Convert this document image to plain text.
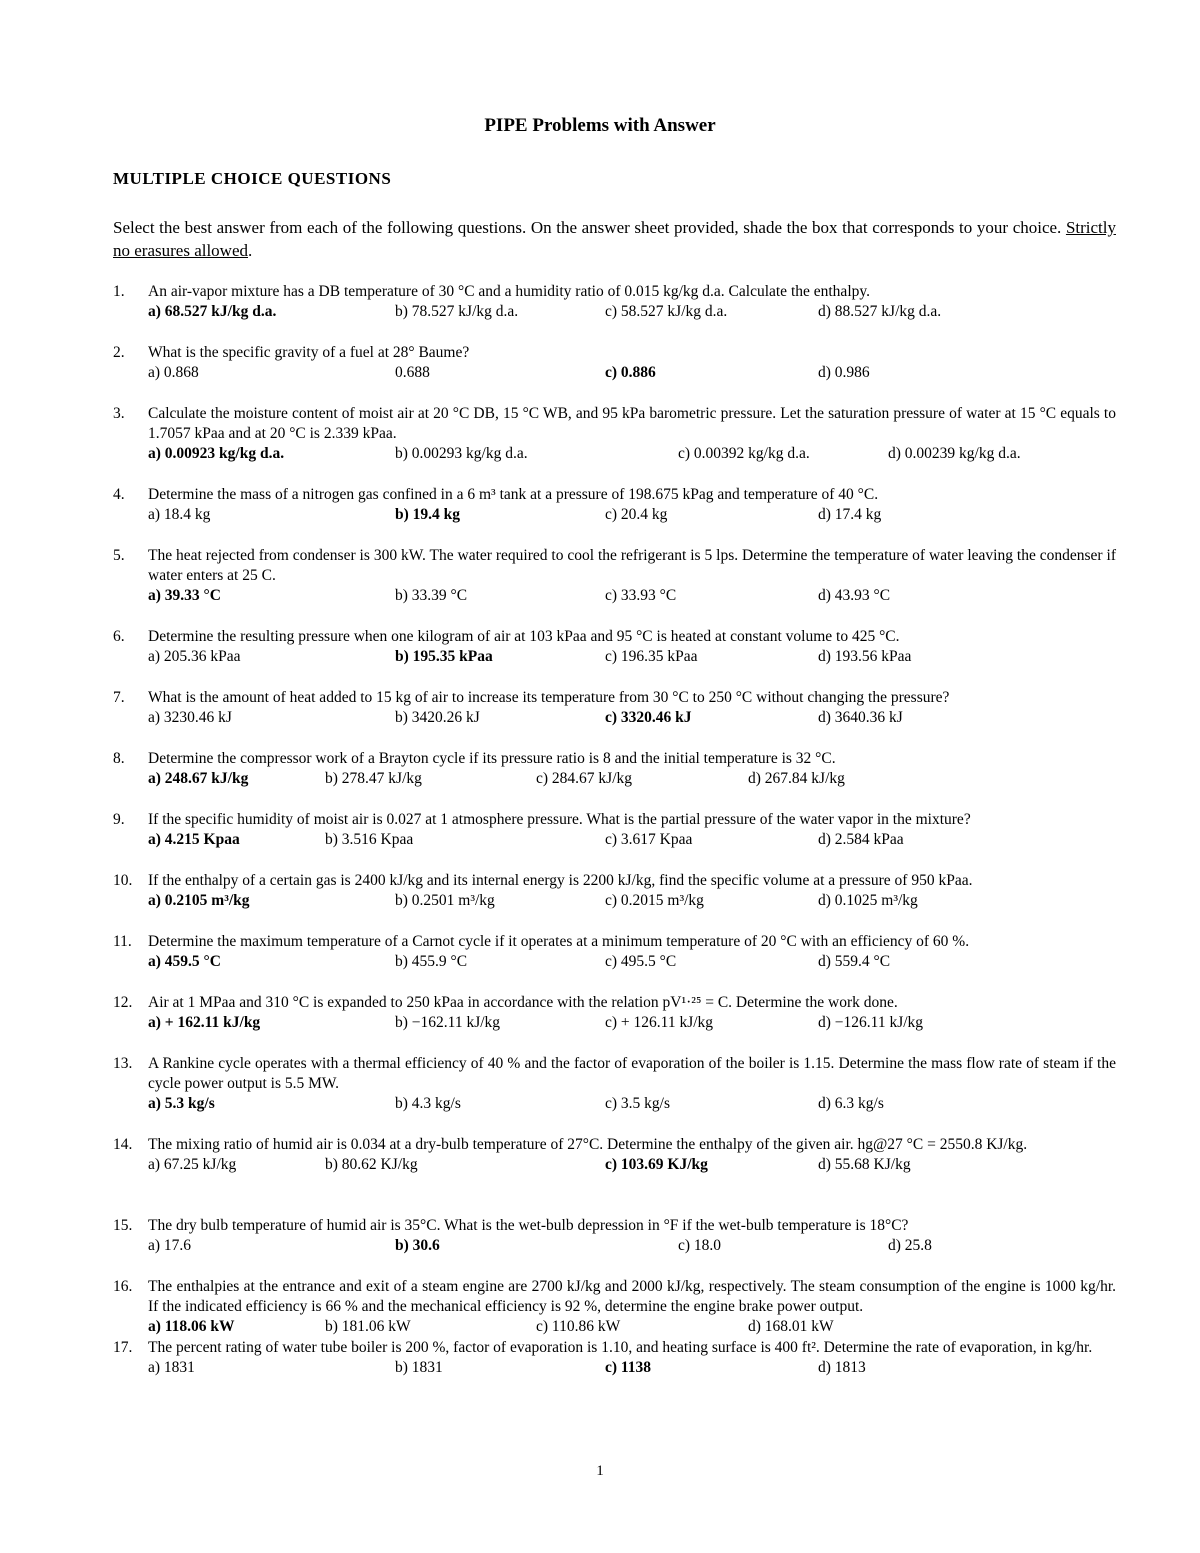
PIPE Problems with Answer
MULTIPLE CHOICE QUESTIONS
Select the best answer from each of the following questions. On the answer sheet provided, shade the box that corresponds to your choice. Strictly no erasures allowed.
1.	An air-vapor mixture has a DB temperature of 30 °C and a humidity ratio of 0.015 kg/kg d.a. Calculate the enthalpy.
a) 68.527 kJ/kg d.a.	b) 78.527 kJ/kg d.a.	c) 58.527 kJ/kg d.a.	d) 88.527 kJ/kg d.a.
2.	What is the specific gravity of a fuel at 28° Baume?
a) 0.868	0.688	c) 0.886	d) 0.986
3.	Calculate the moisture content of moist air at 20 °C DB, 15 °C WB, and 95 kPa barometric pressure. Let the saturation pressure of water at 15 °C equals to 1.7057 kPaa and at 20 °C is 2.339 kPaa.
a) 0.00923 kg/kg d.a.	b) 0.00293 kg/kg d.a.	c) 0.00392 kg/kg d.a.	d) 0.00239 kg/kg d.a.
4.	Determine the mass of a nitrogen gas confined in a 6 m³ tank at a pressure of 198.675 kPag and temperature of 40 °C.
a) 18.4 kg	b) 19.4 kg	c) 20.4 kg	d) 17.4 kg
5.	The heat rejected from condenser is 300 kW. The water required to cool the refrigerant is 5 lps. Determine the temperature of water leaving the condenser if water enters at 25 C.
a) 39.33 °C	b) 33.39 °C	c) 33.93 °C	d) 43.93 °C
6.	Determine the resulting pressure when one kilogram of air at 103 kPaa and 95 °C is heated at constant volume to 425 °C.
a) 205.36 kPaa	b) 195.35 kPaa	c) 196.35 kPaa	d) 193.56 kPaa
7.	What is the amount of heat added to 15 kg of air to increase its temperature from 30 °C to 250 °C without changing the pressure?
a) 3230.46 kJ	b) 3420.26 kJ	c) 3320.46 kJ	d) 3640.36 kJ
8.	Determine the compressor work of a Brayton cycle if its pressure ratio is 8 and the initial temperature is 32 °C.
a) 248.67 kJ/kg	b) 278.47 kJ/kg	c) 284.67 kJ/kg	d) 267.84 kJ/kg
9.	If the specific humidity of moist air is 0.027 at 1 atmosphere pressure. What is the partial pressure of the water vapor in the mixture?
a) 4.215 Kpaa	b) 3.516 Kpaa	c) 3.617 Kpaa	d) 2.584 kPaa
10.	If the enthalpy of a certain gas is 2400 kJ/kg and its internal energy is 2200 kJ/kg, find the specific volume at a pressure of 950 kPaa.
a) 0.2105 m³/kg	b) 0.2501 m³/kg	c) 0.2015 m³/kg	d) 0.1025 m³/kg
11.	Determine the maximum temperature of a Carnot cycle if it operates at a minimum temperature of 20 °C with an efficiency of 60 %.
a) 459.5 °C	b) 455.9 °C	c) 495.5 °C	d) 559.4 °C
12.	Air at 1 MPaa and 310 °C is expanded to 250 kPaa in accordance with the relation pV¹·²⁵ = C. Determine the work done.
a) + 162.11 kJ/kg	b) −162.11 kJ/kg	c) + 126.11 kJ/kg	d) −126.11 kJ/kg
13.	A Rankine cycle operates with a thermal efficiency of 40 % and the factor of evaporation of the boiler is 1.15. Determine the mass flow rate of steam if the cycle power output is 5.5 MW.
a) 5.3 kg/s	b) 4.3 kg/s	c) 3.5 kg/s	d) 6.3 kg/s
14.	The mixing ratio of humid air is 0.034 at a dry-bulb temperature of 27°C. Determine the enthalpy of the given air. hg@27 °C = 2550.8 KJ/kg.
a) 67.25 kJ/kg	b) 80.62 KJ/kg	c) 103.69 KJ/kg	d) 55.68 KJ/kg
15.	The dry bulb temperature of humid air is 35°C. What is the wet-bulb depression in °F if the wet-bulb temperature is 18°C?
a) 17.6	b) 30.6	c) 18.0	d) 25.8
16.	The enthalpies at the entrance and exit of a steam engine are 2700 kJ/kg and 2000 kJ/kg, respectively. The steam consumption of the engine is 1000 kg/hr. If the indicated efficiency is 66 % and the mechanical efficiency is 92 %, determine the engine brake power output.
a) 118.06 kW	b) 181.06 kW	c) 110.86 kW	d) 168.01 kW
17.	The percent rating of water tube boiler is 200 %, factor of evaporation is 1.10, and heating surface is 400 ft². Determine the rate of evaporation, in kg/hr.
a) 1831	b) 1831	c) 1138	d) 1813
1
